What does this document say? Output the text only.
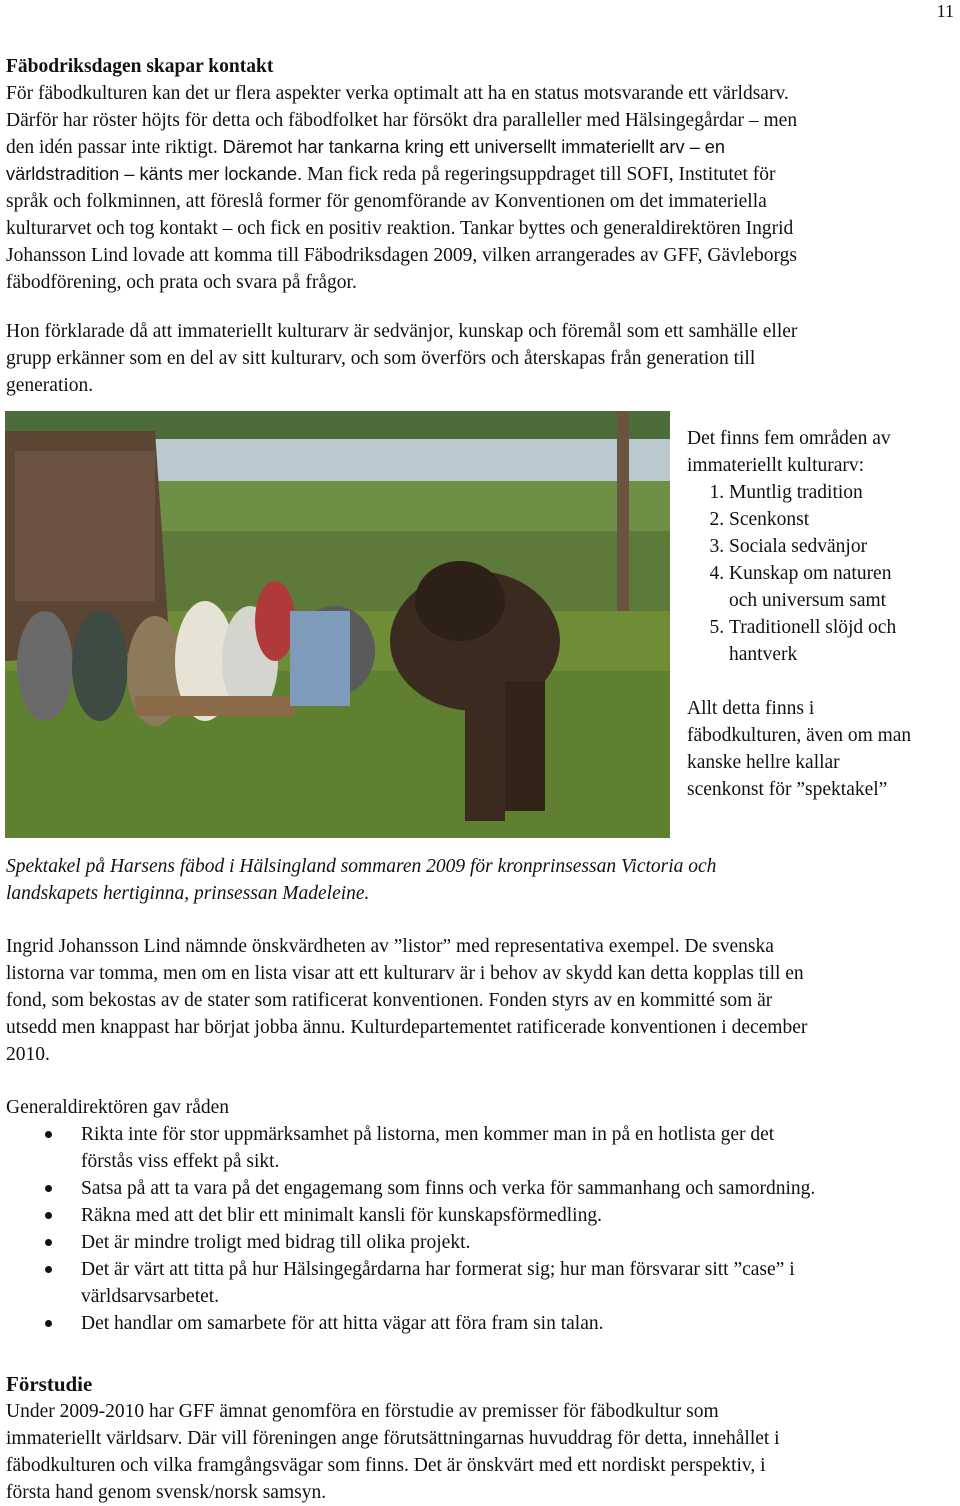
11
Fäbodriksdagen skapar kontakt

För fäbodkulturen kan det ur flera aspekter verka optimalt att ha en status motsvarande ett världsarv.
Därför har röster höjts för detta och fäbodfolket har försökt dra paralleller med Hälsingegårdar – men
den idén passar inte riktigt. Däremot har tankarna kring ett universellt immateriellt arv – en
världstradition – känts mer lockande. Man fick reda på regeringsuppdraget till SOFI, Institutet för
språk och folkminnen, att föreslå former för genomförande av Konventionen om det immateriella
kulturarvet och tog kontakt – och fick en positiv reaktion. Tankar byttes och generaldirektören Ingrid
Johansson Lind lovade att komma till Fäbodriksdagen 2009, vilken arrangerades av GFF, Gävleborgs
fäbodförening, och prata och svara på frågor.

Hon förklarade då att immateriellt kulturarv är sedvänjor, kunskap och föremål som ett samhälle eller
grupp erkänner som en del av sitt kulturarv, och som överförs och återskapas från generation till
generation.
Det finns fem områden av
immateriellt kulturarv:
1. Muntlig tradition
2. Scenkonst
3. Sociala sedvänjor
4. Kunskap om naturen
och universum samt
5. Traditionell slöjd och
hantverk
Allt detta finns i
fäbodkulturen, även om man
kanske hellre kallar
scenkonst för ”spektakel”
Spektakel på Harsens fäbod i Hälsingland sommaren 2009 för kronprinsessan Victoria och
landskapets hertiginna, prinsessan Madeleine.
Ingrid Johansson Lind nämnde önskvärdheten av ”listor” med representativa exempel. De svenska
listorna var tomma, men om en lista visar att ett kulturarv är i behov av skydd kan detta kopplas till en
fond, som bekostas av de stater som ratificerat konventionen. Fonden styrs av en kommitté som är
utsedd men knappast har börjat jobba ännu. Kulturdepartementet ratificerade konventionen i december
2010.
Generaldirektören gav råden
Rikta inte för stor uppmärksamhet på listorna, men kommer man in på en hotlista ger det
förstås viss effekt på sikt.
Satsa på att ta vara på det engagemang som finns och verka för sammanhang och samordning.
Räkna med att det blir ett minimalt kansli för kunskapsförmedling.
Det är mindre troligt med bidrag till olika projekt.
Det är värt att titta på hur Hälsingegårdarna har formerat sig; hur man försvarar sitt ”case” i
världsarvsarbetet.
Det handlar om samarbete för att hitta vägar att föra fram sin talan.
Förstudie
Under 2009-2010 har GFF ämnat genomföra en förstudie av premisser för fäbodkultur som
immateriellt världsarv. Där vill föreningen ange förutsättningarnas huvuddrag för detta, innehållet i
fäbodkulturen och vilka framgångsvägar som finns. Det är önskvärt med ett nordiskt perspektiv, i
första hand genom svensk/norsk samsyn.
